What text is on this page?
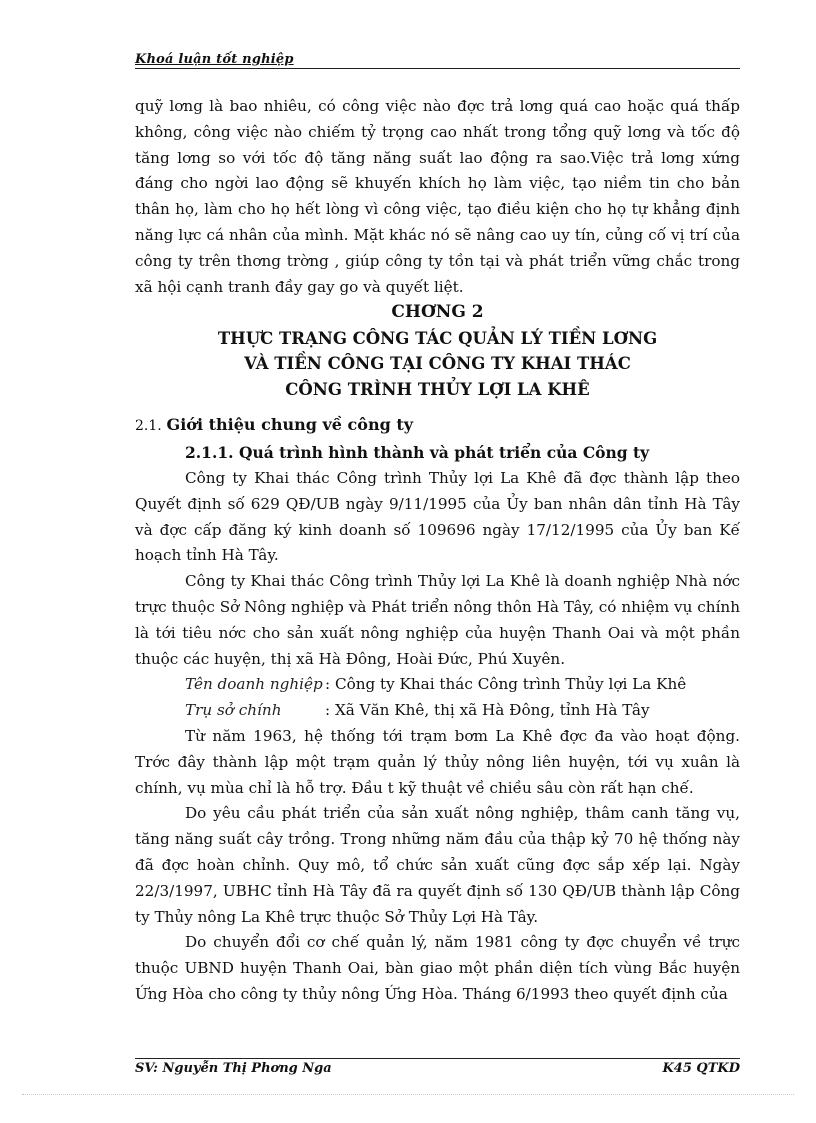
Khoá luận tốt nghiệp

quỹ lơng là bao nhiêu, có công việc nào đợc trả lơng quá cao hoặc quá thấp không, công việc nào chiếm tỷ trọng cao nhất trong tổng quỹ lơng và tốc độ tăng lơng so với tốc độ tăng năng suất lao động ra sao.Việc trả lơng xứng đáng cho ngời lao động sẽ khuyến khích họ làm việc, tạo niềm tin cho bản thân họ, làm cho họ hết lòng vì công việc, tạo điều kiện cho họ tự khẳng định năng lực cá nhân của mình. Mặt khác nó sẽ nâng cao uy tín, củng cố vị trí của công ty trên thơng trờng , giúp công ty tồn tại và phát triển vững chắc trong xã hội cạnh tranh đầy gay go và quyết liệt.

CHƠNG 2

THỰC TRẠNG CÔNG TÁC QUẢN LÝ TIỀN LƠNG

VÀ TIỀN CÔNG TẠI CÔNG TY KHAI THÁC

CÔNG TRÌNH THỦY LỢI LA KHÊ

2.1. Giới thiệu chung về công ty

2.1.1. Quá trình hình thành và phát triển của Công ty

Công ty Khai thác Công trình Thủy lợi La Khê đã đợc thành lập theo Quyết định số 629 QĐ/UB ngày 9/11/1995 của Ủy ban nhân dân tỉnh Hà Tây và đợc cấp đăng ký kinh doanh số 109696 ngày 17/12/1995 của Ủy ban Kế hoạch tỉnh Hà Tây.

Công ty Khai thác Công trình Thủy lợi La Khê là doanh nghiệp Nhà nớc trực thuộc Sở Nông nghiệp và Phát triển nông thôn Hà Tây, có nhiệm vụ chính là tới tiêu nớc cho sản xuất nông nghiệp của huyện Thanh Oai và một phần thuộc các huyện, thị xã Hà Đông, Hoài Đức, Phú Xuyên.

Tên doanh nghiệp : Công ty Khai thác Công trình Thủy lợi La Khê
Trụ sở chính	: Xã Văn Khê, thị xã Hà Đông, tỉnh Hà Tây

Từ năm 1963, hệ thống tới trạm bơm La Khê đợc đa vào hoạt động. Trớc đây thành lập một trạm quản lý thủy nông liên huyện, tới vụ xuân là chính, vụ mùa chỉ là hỗ trợ. Đầu t kỹ thuật về chiều sâu còn rất hạn chế.

Do yêu cầu phát triển của sản xuất nông nghiệp, thâm canh tăng vụ, tăng năng suất cây trồng. Trong những năm đầu của thập kỷ 70 hệ thống này đã đợc hoàn chỉnh. Quy mô, tổ chức sản xuất cũng đợc sắp xếp lại. Ngày 22/3/1997, UBHC tỉnh Hà Tây đã ra quyết định số 130 QĐ/UB thành lập Công ty Thủy nông La Khê trực thuộc Sở Thủy Lợi Hà Tây.

Do chuyển đổi cơ chế quản lý, năm 1981 công ty đợc chuyển về trực thuộc UBND huyện Thanh Oai, bàn giao một phần diện tích vùng Bắc huyện Ứng Hòa cho công ty thủy nông Ứng Hòa. Tháng 6/1993 theo quyết định của

SV: Nguyễn Thị Phơng Nga	K45 QTKD
